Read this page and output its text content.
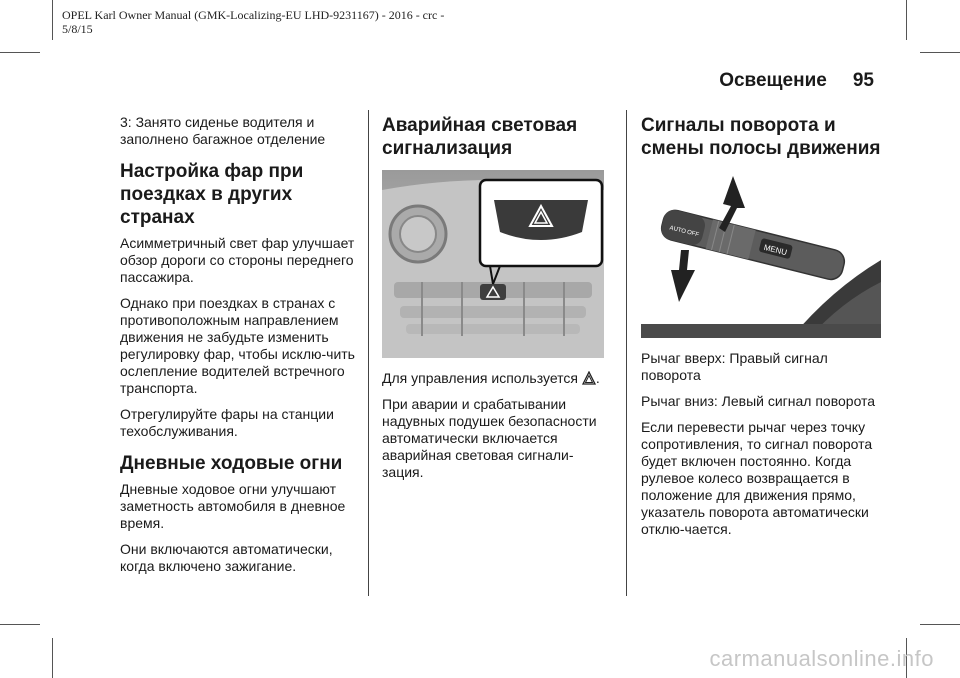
OPEL Karl Owner Manual (GMK-Localizing-EU LHD-9231167) - 2016 - crc -
5/8/15
Освещение 95

3: Занято сиденье водителя и заполнено багажное отделение

Настройка фар при поездках в других странах

Асимметричный свет фар улучшает обзор дороги со стороны переднего пассажира.

Однако при поездках в странах с противоположным направлением движения не забудьте изменить регулировку фар, чтобы исклю-чить ослепление водителей встречного транспорта.

Отрегулируйте фары на станции техобслуживания.

Дневные ходовые огни

Дневные ходовое огни улучшают заметность автомобиля в дневное время.

Они включаются автоматически, когда включено зажигание.

Аварийная световая сигнализация

Для управления используется .

При аварии и срабатывании надувных подушек безопасности автоматически включается аварийная световая сигнали-зация.

Сигналы поворота и смены полосы движения
MENU
AUTO OFF

Рычаг вверх: Правый сигнал поворота

Рычаг вниз: Левый сигнал поворота

Если перевести рычаг через точку сопротивления, то сигнал поворота будет включен постоянно. Когда рулевое колесо возвращается в положение для движения прямо, указатель поворота автоматически отклю-чается.

carmanualsonline.info
